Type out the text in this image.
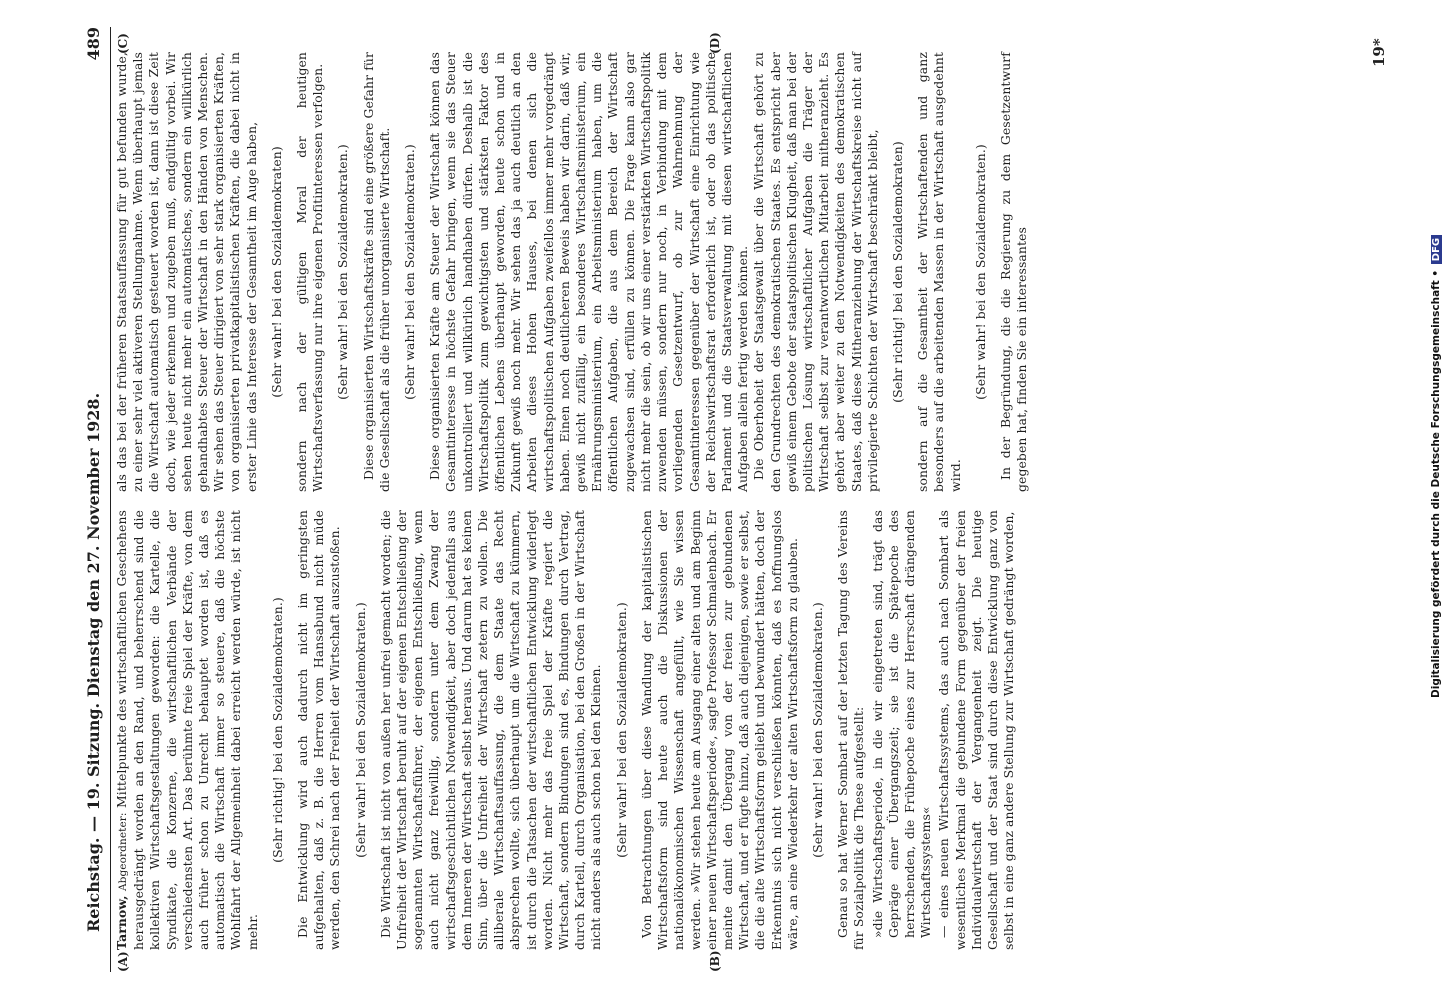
Reichstag. — 19. Sitzung. Dienstag den 27. November 1928.
489
(A)	(B)
(C)	(D)

Tarnow, Abgeordneter: Mittelpunkte des wirtschaftlichen Geschehens herausgedrängt worden an den Rand, und beherrschend sind die kollektiven Wirtschaftsgestaltungen geworden: die Kartelle, die Syndikate, die Konzerne, die wirtschaftlichen Verbände der verschiedensten Art. Das berühmte freie Spiel der Kräfte, von dem auch früher schon zu Unrecht behauptet worden ist, daß es automatisch die Wirtschaft immer so steuere, daß die höchste Wohlfahrt der Allgemeinheit dabei erreicht werden würde, ist nicht mehr.

(Sehr richtig! bei den Sozialdemokraten.) Die Entwicklung wird auch dadurch nicht im geringsten aufgehalten, daß z. B. die Herren vom Hansabund nicht müde werden, den Schrei nach der Freiheit der Wirtschaft auszustoßen. (Sehr wahr! bei den Sozialdemokraten.) Die Wirtschaft ist nicht von außen her unfrei gemacht worden; die Unfreiheit der Wirtschaft beruht auf der eigenen Entschließung der sogenannten Wirtschaftsführer, der eigenen Entschließung, wenn auch nicht ganz freiwillig, sondern unter dem Zwang der wirtschaftsgeschichtlichen Notwendigkeit, aber doch jedenfalls aus dem Inneren der Wirtschaft selbst heraus. Und darum hat es keinen Sinn, über die Unfreiheit der Wirtschaft zetern zu wollen. Die alliberale Wirtschaftsauffassung, die dem Staate das Recht absprechen wollte, sich überhaupt um die Wirtschaft zu kümmern, ist durch die Tatsachen der wirtschaftlichen Entwicklung widerlegt worden. Nicht mehr das freie Spiel der Kräfte regiert die Wirtschaft, sondern Bindungen sind es, Bindungen durch Vertrag, durch Kartell, durch Organisation, bei den Großen in der Wirtschaft nicht anders als auch schon bei den Kleinen. (Sehr wahr! bei den Sozialdemokraten.) Von Betrachtungen über diese Wandlung der kapitalistischen Wirtschaftsform sind heute auch die Diskussionen der nationalökonomischen Wissenschaft angefüllt, wie Sie wissen werden. »Wir stehen heute am Ausgang einer alten und am Beginn einer neuen Wirtschaftsperiode«, sagte Professor Schmalenbach. Er meinte damit den Übergang von der freien zur gebundenen Wirtschaft, und er fügte hinzu, daß auch diejenigen, sowie er selbst, die die alte Wirtschaftsform geliebt und bewundert hätten, doch der Erkenntnis sich nicht verschließen könnten, daß es hoffnungslos wäre, an eine Wiederkehr der alten Wirtschaftsform zu glauben. (Sehr wahr! bei den Sozialdemokraten.) Genau so hat Werner Sombart auf der letzten Tagung des Vereins für Sozialpolitik die These aufgestellt: »die Wirtschaftsperiode, in die wir eingetreten sind, trägt das Gepräge einer Übergangszeit; sie ist die Spätepoche des herrschenden, die Frühepoche eines zur Herrschaft drängenden Wirtschaftssystems« — eines neuen Wirtschaftssystems, das auch nach Sombart als wesentliches Merkmal die gebundene Form gegenüber der freien Individualwirtschaft der Vergangenheit zeigt. Die heutige Gesellschaft und der Staat sind durch diese Entwicklung ganz von selbst in eine ganz andere Stellung zur Wirtschaft gedrängt worden,

als das bei der früheren Staatsauffassung für gut befunden wurde, zu einer sehr viel aktiveren Stellungnahme. Wenn überhaupt jemals die Wirtschaft automatisch gesteuert worden ist, dann ist diese Zeit doch, wie jeder erkennen und zugeben muß, endgültig vorbei. Wir sehen heute nicht mehr ein automatisches, sondern ein willkürlich gehandhabtes Steuer der Wirtschaft in den Händen von Menschen. Wir sehen das Steuer dirigiert von sehr stark organisierten Kräften, von organisierten privatkapitalistischen Kräften, die dabei nicht in erster Linie das Interesse der Gesamtheit im Auge haben, (Sehr wahr! bei den Sozialdemokraten) sondern nach der gültigen Moral der heutigen Wirtschaftsverfassung nur ihre eigenen Profitinteressen verfolgen. (Sehr wahr! bei den Sozialdemokraten.) Diese organisierten Wirtschaftskräfte sind eine größere Gefahr für die Gesellschaft als die früher unorganisierte Wirtschaft. (Sehr wahr! bei den Sozialdemokraten.) Diese organisierten Kräfte am Steuer der Wirtschaft können das Gesamtinteresse in höchste Gefahr bringen, wenn sie das Steuer unkontrolliert und willkürlich handhaben dürfen. Deshalb ist die Wirtschaftspolitik zum gewichtigsten und stärksten Faktor des öffentlichen Lebens überhaupt geworden, heute schon und in Zukunft gewiß noch mehr. Wir sehen das ja auch deutlich an den Arbeiten dieses Hohen Hauses, bei denen sich die wirtschaftspolitischen Aufgaben zweifellos immer mehr vorgedrängt haben. Einen noch deutlicheren Beweis haben wir darin, daß wir, gewiß nicht zufällig, ein besonderes Wirtschaftsministerium, ein Ernährungsministerium, ein Arbeitsministerium haben, um die öffentlichen Aufgaben, die aus dem Bereich der Wirtschaft zugewachsen sind, erfüllen zu können. Die Frage kann also gar nicht mehr die sein, ob wir uns einer verstärkten Wirtschaftspolitik zuwenden müssen, sondern nur noch, in Verbindung mit dem vorliegenden Gesetzentwurf, ob zur Wahrnehmung der Gesamtinteressen gegenüber der Wirtschaft eine Einrichtung wie der Reichswirtschaftsrat erforderlich ist, oder ob das politische Parlament und die Staatsverwaltung mit diesen wirtschaftlichen Aufgaben allein fertig werden können. Die Oberhoheit der Staatsgewalt über die Wirtschaft gehört zu den Grundrechten des demokratischen Staates. Es entspricht aber gewiß einem Gebote der staatspolitischen Klugheit, daß man bei der politischen Lösung wirtschaftlicher Aufgaben die Träger der Wirtschaft selbst zur verantwortlichen Mitarbeit mitheranzieht. Es gehört aber weiter zu den Notwendigkeiten des demokratischen Staates, daß diese Mitheranziehung der Wirtschaftskreise nicht auf privilegierte Schichten der Wirtschaft beschränkt bleibt, (Sehr richtig! bei den Sozialdemokraten) sondern auf die Gesamtheit der Wirtschaftenden und ganz besonders auf die arbeitenden Massen in der Wirtschaft ausgedehnt wird.

(Sehr wahr! bei den Sozialdemokraten.) In der Begründung, die die Regierung zu dem Gesetzentwurf gegeben hat, finden Sie ein interessantes

19*
Digitalisierung gefördert durch die Deutsche Forschungsgemeinschaft • DFG
